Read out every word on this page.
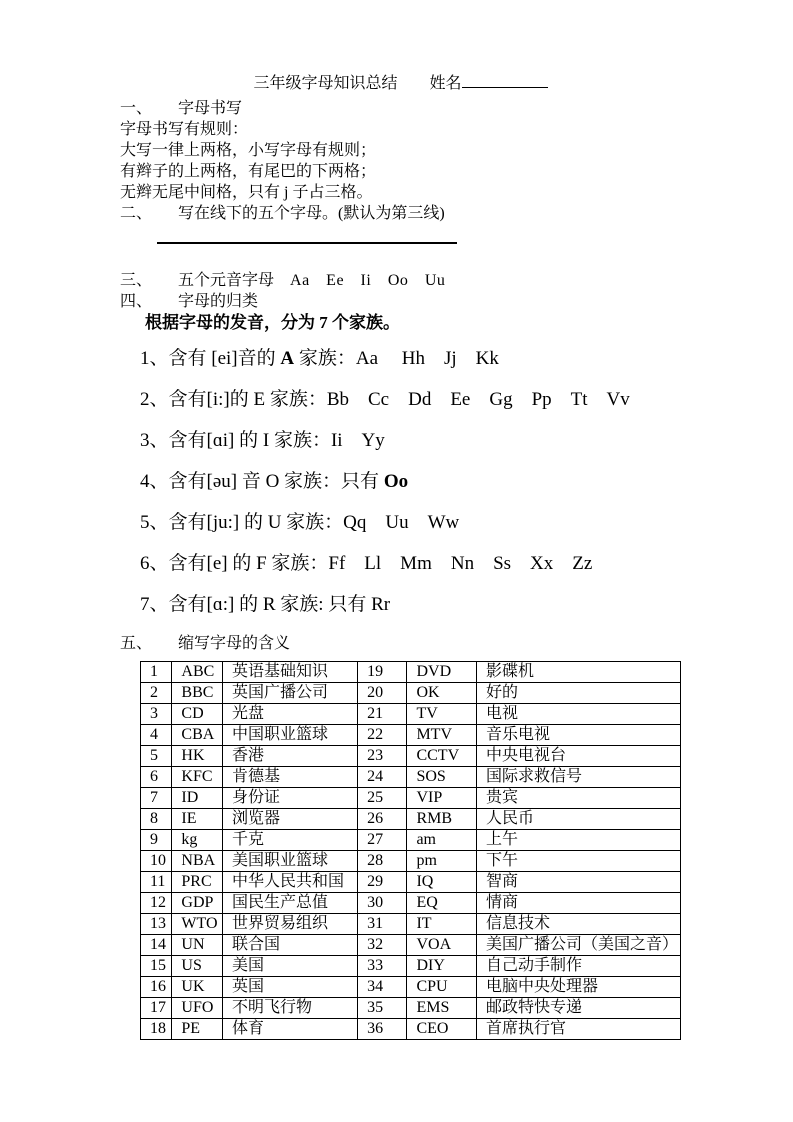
三年级字母知识总结 姓名
一、 字母书写
字母书写有规则：
大写一律上两格，小写字母有规则；
有辫子的上两格，有尾巴的下两格；
无辫无尾中间格，只有 j 子占三格。
二、 写在线下的五个字母。(默认为第三线)
三、 五个元音字母 Aa　Ee　Ii　Oo　Uu
四、 字母的归类
根据字母的发音，分为 7 个家族。
1、含有 [ei]音的 A 家族：Aa　 Hh　Jj　Kk
2、含有[i:]的 E 家族：Bb　Cc　Dd　Ee　Gg　Pp　Tt　Vv
3、含有[ɑi] 的 I 家族：Ii　Yy
4、含有[əu] 音 O 家族：只有 Oo
5、含有[ju:] 的 U 家族：Qq　Uu　Ww
6、含有[e] 的 F 家族：Ff　Ll　Mm　Nn　Ss　Xx　Zz
7、含有[ɑ:] 的 R 家族: 只有 Rr
五、 缩写字母的含义
1	ABC	英语基础知识	19	DVD	影碟机
2	BBC	英国广播公司	20	OK	好的
3	CD	光盘	21	TV	电视
4	CBA	中国职业篮球	22	MTV	音乐电视
5	HK	香港	23	CCTV	中央电视台
6	KFC	肯德基	24	SOS	国际求救信号
7	ID	身份证	25	VIP	贵宾
8	IE	浏览器	26	RMB	人民币
9	kg	千克	27	am	上午
10	NBA	美国职业篮球	28	pm	下午
11	PRC	中华人民共和国	29	IQ	智商
12	GDP	国民生产总值	30	EQ	情商
13	WTO	世界贸易组织	31	IT	信息技术
14	UN	联合国	32	VOA	美国广播公司（美国之音）
15	US	美国	33	DIY	自己动手制作
16	UK	英国	34	CPU	电脑中央处理器
17	UFO	不明飞行物	35	EMS	邮政特快专递
18	PE	体育	36	CEO	首席执行官
